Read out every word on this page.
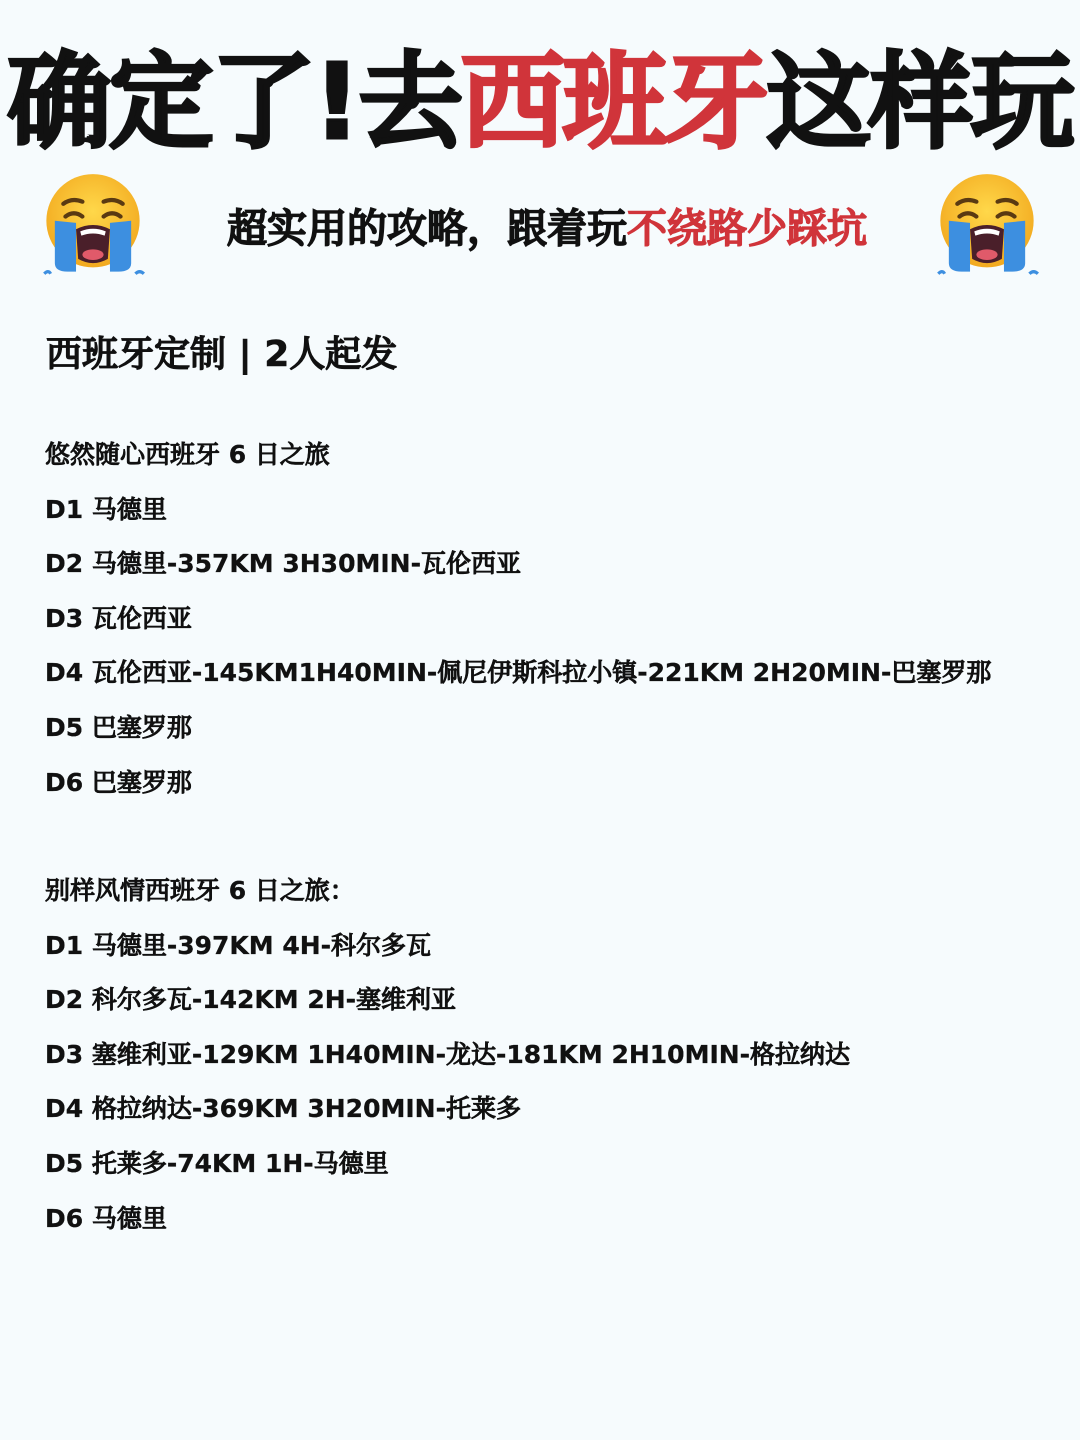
确定了!去西班牙这样玩
超实用的攻略，跟着玩不绕路少踩坑
西班牙定制 | 2人起发
悠然随心西班牙 6 日之旅
D1 马德里
D2 马德里-357KM 3H30MIN-瓦伦西亚
D3 瓦伦西亚
D4 瓦伦西亚-145KM1H40MIN-佩尼伊斯科拉小镇-221KM 2H20MIN-巴塞罗那
D5 巴塞罗那
D6 巴塞罗那
别样风情西班牙 6 日之旅：
D1 马德里-397KM 4H-科尔多瓦
D2 科尔多瓦-142KM 2H-塞维利亚
D3 塞维利亚-129KM 1H40MIN-龙达-181KM 2H10MIN-格拉纳达
D4 格拉纳达-369KM 3H20MIN-托莱多
D5 托莱多-74KM 1H-马德里
D6 马德里
